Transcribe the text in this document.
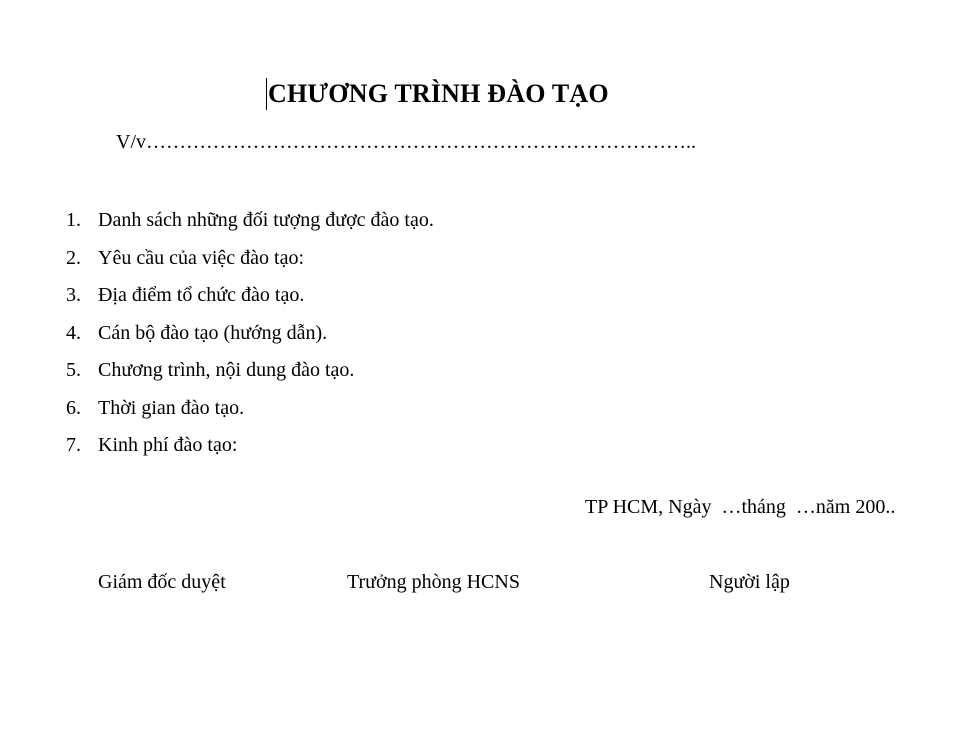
CHƯƠNG TRÌNH ĐÀO TẠO
V/v………………………………………………………………………..
1. Danh sách những đối tượng được đào tạo.
2. Yêu cầu của việc đào tạo:
3. Địa điểm tổ chức đào tạo.
4. Cán bộ đào tạo (hướng dẫn).
5. Chương trình, nội dung đào tạo.
6. Thời gian đào tạo.
7. Kinh phí đào tạo:
TP HCM, Ngày  …tháng  …năm 200..
Giám đốc duyệt	Trưởng phòng HCNS	Người lập
